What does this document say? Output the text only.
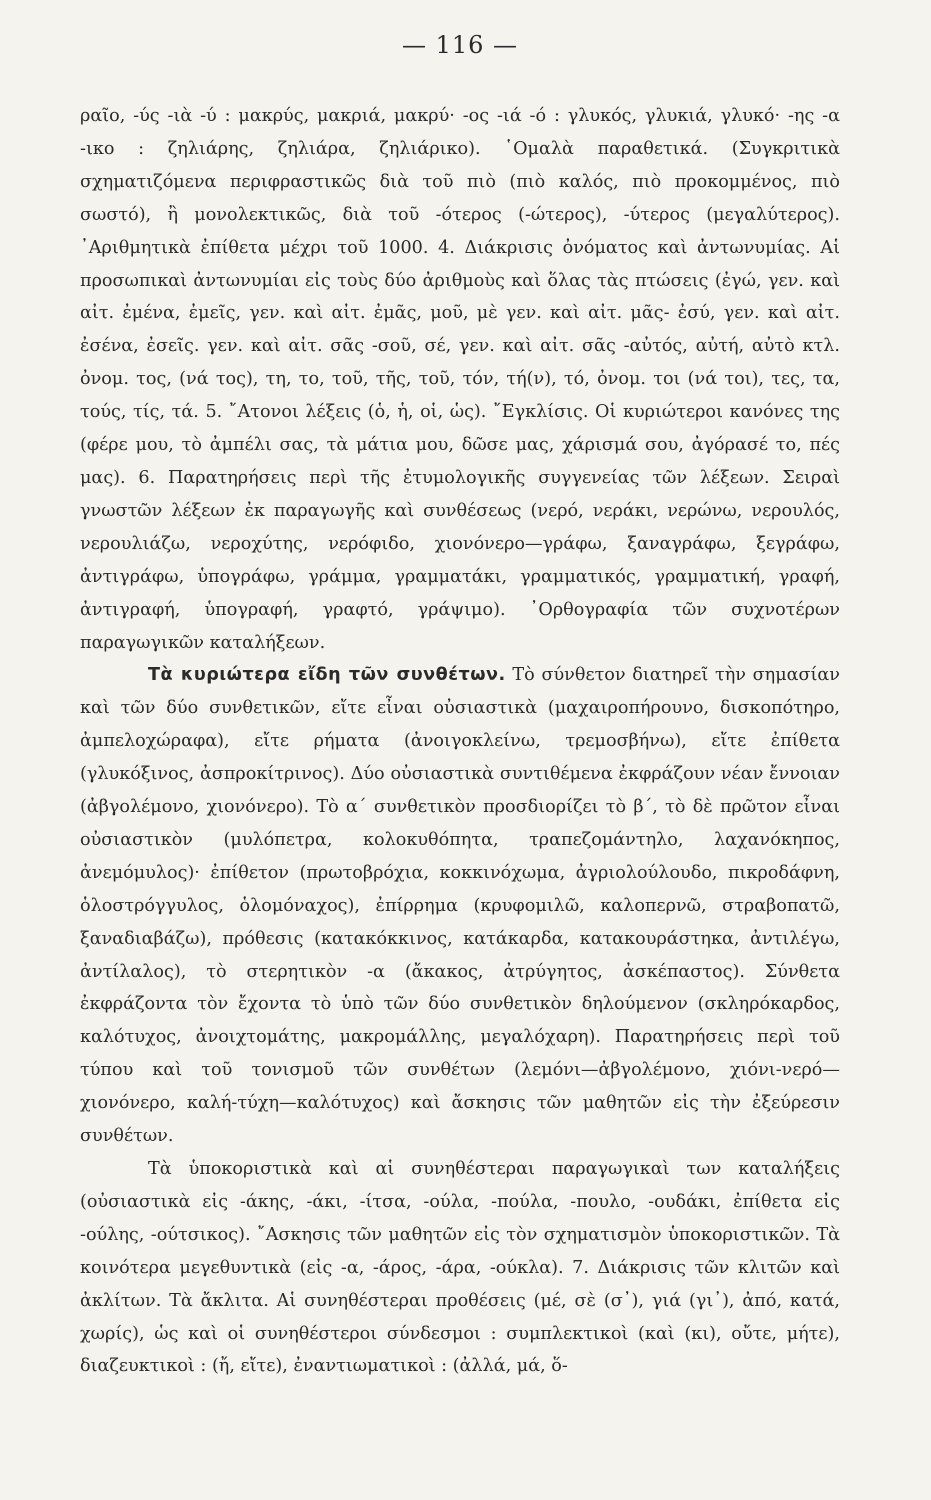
— 116 —

ραῖο, -ύς -ιὰ -ύ : μακρύς, μακριά, μακρύ· -ος -ιά -ό : γλυκός, γλυκιά, γλυκό· -ης -α -ικο : ζηλιάρης, ζηλιάρα, ζηλιάρικο). ῾Ομαλὰ παραθετικά. (Συγκριτικὰ σχηματιζόμενα περιφραστικῶς διὰ τοῦ πιὸ (πιὸ καλός, πιὸ προκομμένος, πιὸ σωστό), ἢ μονολεκτικῶς, διὰ τοῦ -ότερος (-ώτερος), -ύτερος (μεγαλύτερος). ᾿Αριθμητικὰ ἐπίθετα μέχρι τοῦ 1000. 4. Διάκρισις ὀνόματος καὶ ἀντωνυμίας. Αἱ προσωπικαὶ ἀντωνυμίαι εἰς τοὺς δύο ἀριθμοὺς καὶ ὅλας τὰς πτώσεις (ἐγώ, γεν. καὶ αἰτ. ἐμένα, ἐμεῖς, γεν. καὶ αἰτ. ἐμᾶς, μοῦ, μὲ γεν. καὶ αἰτ. μᾶς- ἐσύ, γεν. καὶ αἰτ. ἐσένα, ἐσεῖς. γεν. καὶ αἰτ. σᾶς -σοῦ, σέ, γεν. καὶ αἰτ. σᾶς -αὐτός, αὐτή, αὐτὸ κτλ. ὀνομ. τος, (νά τος), τη, το, τοῦ, τῆς, τοῦ, τόν, τή(ν), τό, ὀνομ. τοι (νά τοι), τες, τα, τούς, τίς, τά. 5. ῎Ατονοι λέξεις (ὁ, ἡ, οἱ, ὡς). ῎Εγκλίσις. Οἱ κυριώτεροι κανόνες της (φέρε μου, τὸ ἀμπέλι σας, τὰ μάτια μου, δῶσε μας, χάρισμά σου, ἀγόρασέ το, πές μας). 6. Παρατηρήσεις περὶ τῆς ἐτυμολογικῆς συγγενείας τῶν λέξεων. Σειραὶ γνωστῶν λέξεων ἐκ παραγωγῆς καὶ συνθέσεως (νερό, νεράκι, νερώνω, νερουλός, νερουλιάζω, νεροχύτης, νερόφιδο, χιονόνερο—γράφω, ξαναγράφω, ξεγράφω, ἀντιγράφω, ὑπογράφω, γράμμα, γραμματάκι, γραμματικός, γραμματική, γραφή, ἀντιγραφή, ὑπογραφή, γραφτό, γράψιμο). ᾿Ορθογραφία τῶν συχνοτέρων παραγωγικῶν καταλήξεων.

Τὰ κυριώτερα εἴδη τῶν συνθέτων. Τὸ σύνθετον διατηρεῖ τὴν σημασίαν καὶ τῶν δύο συνθετικῶν, εἴτε εἶναι οὐσιαστικὰ (μαχαιροπήρουνο, δισκοπότηρο, ἀμπελοχώραφα), εἴτε ρήματα (ἀνοιγοκλείνω, τρεμοσβήνω), εἴτε ἐπίθετα (γλυκόξινος, ἀσπροκίτρινος). Δύο οὐσιαστικὰ συντιθέμενα ἐκφράζουν νέαν ἔννοιαν (ἀβγολέμονο, χιονόνερο). Τὸ α΄ συνθετικὸν προσδιορίζει τὸ β΄, τὸ δὲ πρῶτον εἶναι οὐσιαστικὸν (μυλόπετρα, κολοκυθόπητα, τραπεζομάντηλο, λαχανόκηπος, ἀνεμόμυλος)· ἐπίθετον (πρωτοβρόχια, κοκκινόχωμα, ἀγριολούλουδο, πικροδάφνη, ὁλοστρόγγυλος, ὁλομόναχος), ἐπίρρημα (κρυφομιλῶ, καλοπερνῶ, στραβοπατῶ, ξαναδιαβάζω), πρόθεσις (κατακόκκινος, κατάκαρδα, κατακουράστηκα, ἀντιλέγω, ἀντίλαλος), τὸ στερητικὸν -α (ἄκακος, ἀτρύγητος, ἀσκέπαστος). Σύνθετα ἐκφράζοντα τὸν ἔχοντα τὸ ὑπὸ τῶν δύο συνθετικὸν δηλούμενον (σκληρόκαρδος, καλότυχος, ἀνοιχτομάτης, μακρομάλλης, μεγαλόχαρη). Παρατηρήσεις περὶ τοῦ τύπου καὶ τοῦ τονισμοῦ τῶν συνθέτων (λεμόνι—ἀβγολέμονο, χιόνι-νερό—χιονόνερο, καλή-τύχη—καλότυχος) καὶ ἄσκησις τῶν μαθητῶν εἰς τὴν ἐξεύρεσιν συνθέτων.

Τὰ ὑποκοριστικὰ καὶ αἱ συνηθέστεραι παραγωγικαὶ των καταλήξεις (οὐσιαστικὰ εἰς -άκης, -άκι, -ίτσα, -ούλα, -πούλα, -πουλο, -ουδάκι, ἐπίθετα εἰς -ούλης, -ούτσικος). ῎Ασκησις τῶν μαθητῶν εἰς τὸν σχηματισμὸν ὑποκοριστικῶν. Τὰ κοινότερα μεγεθυντικὰ (εἰς -α, -άρος, -άρα, -ούκλα). 7. Διάκρισις τῶν κλιτῶν καὶ ἀκλίτων. Τὰ ἄκλιτα. Αἱ συνηθέστεραι προθέσεις (μέ, σὲ (σ᾿), γιά (γι᾿), ἀπό, κατά, χωρίς), ὡς καὶ οἱ συνηθέστεροι σύνδεσμοι : συμπλεκτικοὶ (καὶ (κι), οὔτε, μήτε), διαζευκτικοὶ : (ἤ, εἴτε), ἐναντιωματικοὶ : (ἀλλά, μά, ὅ-
